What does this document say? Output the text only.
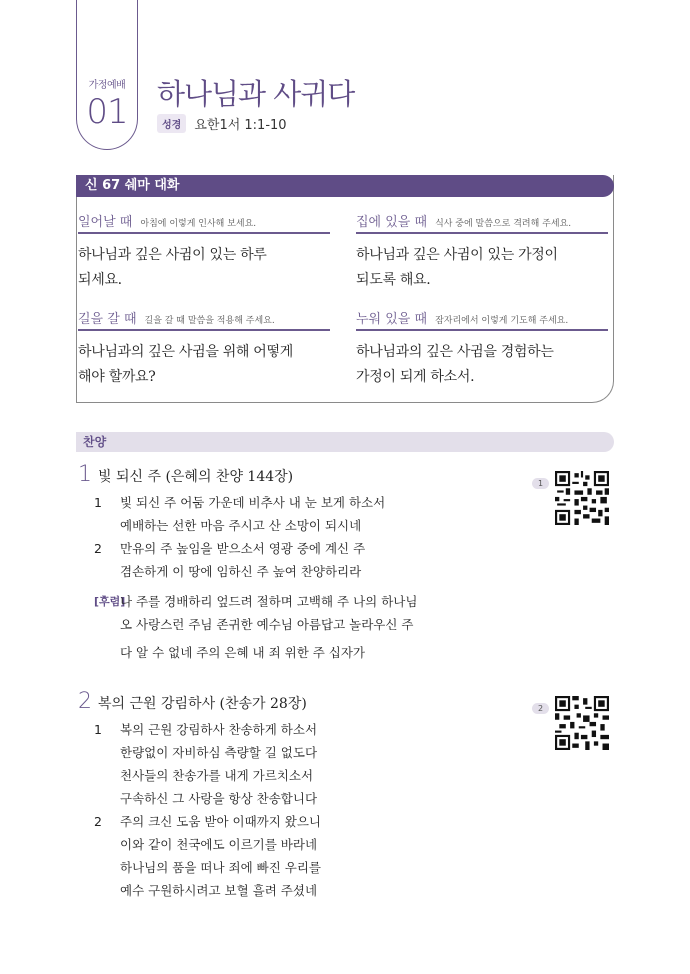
가정예배
01	하나님과 사귀다
성경	요한1서 1:1-10
신 67 쉐마 대화
일어날 때 아침에 이렇게 인사해 보세요.
하나님과 깊은 사귐이 있는 하루
되세요.
집에 있을 때 식사 중에 말씀으로 격려해 주세요.
하나님과 깊은 사귐이 있는 가정이
되도록 해요.
길을 갈 때 길을 갈 때 말씀을 적용해 주세요.
하나님과의 깊은 사귐을 위해 어떻게
해야 할까요?
누워 있을 때 잠자리에서 이렇게 기도해 주세요.
하나님과의 깊은 사귐을 경험하는
가정이 되게 하소서.
찬양
1 빛 되신 주 (은혜의 찬양 144장)	1
1 빛 되신 주 어둠 가운데 비추사 내 눈 보게 하소서
예배하는 선한 마음 주시고 산 소망이 되시네
2 만유의 주 높임을 받으소서 영광 중에 계신 주
겸손하게 이 땅에 임하신 주 높여 찬양하리라
[후렴]
나 주를 경배하리 엎드려 절하며 고백해 주 나의 하나님
오 사랑스런 주님 존귀한 예수님 아름답고 놀라우신 주
다 알 수 없네 주의 은혜 내 죄 위한 주 십자가
2 복의 근원 강림하사 (찬송가 28장)	2
1 복의 근원 강림하사 찬송하게 하소서
한량없이 자비하심 측량할 길 없도다
천사들의 찬송가를 내게 가르치소서
구속하신 그 사랑을 항상 찬송합니다
2 주의 크신 도움 받아 이때까지 왔으니
이와 같이 천국에도 이르기를 바라네
하나님의 품을 떠나 죄에 빠진 우리를
예수 구원하시려고 보혈 흘려 주셨네
